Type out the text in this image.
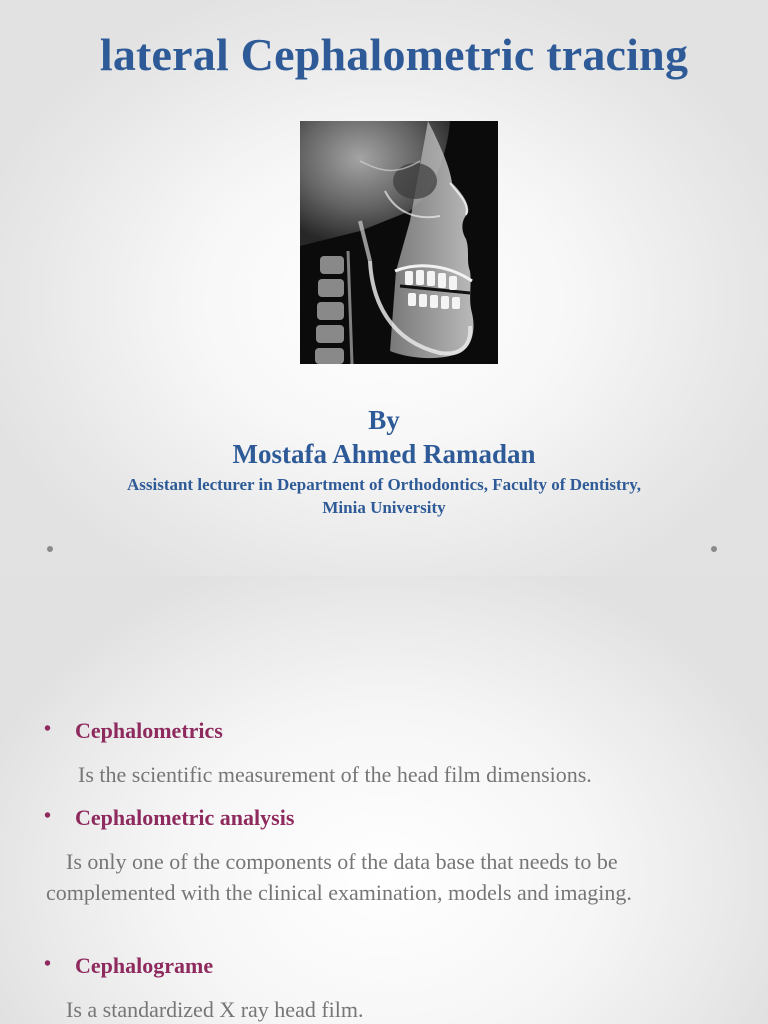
lateral Cephalometric tracing
By
Mostafa Ahmed Ramadan
Assistant lecturer in Department of Orthodontics, Faculty of Dentistry,
Minia University
• Cephalometrics
Is the scientific measurement of the head film dimensions.
• Cephalometric analysis
Is only one of the components of the data base that needs to be complemented with the clinical examination, models and imaging.
• Cephalograme
Is a standardized X ray head film.
